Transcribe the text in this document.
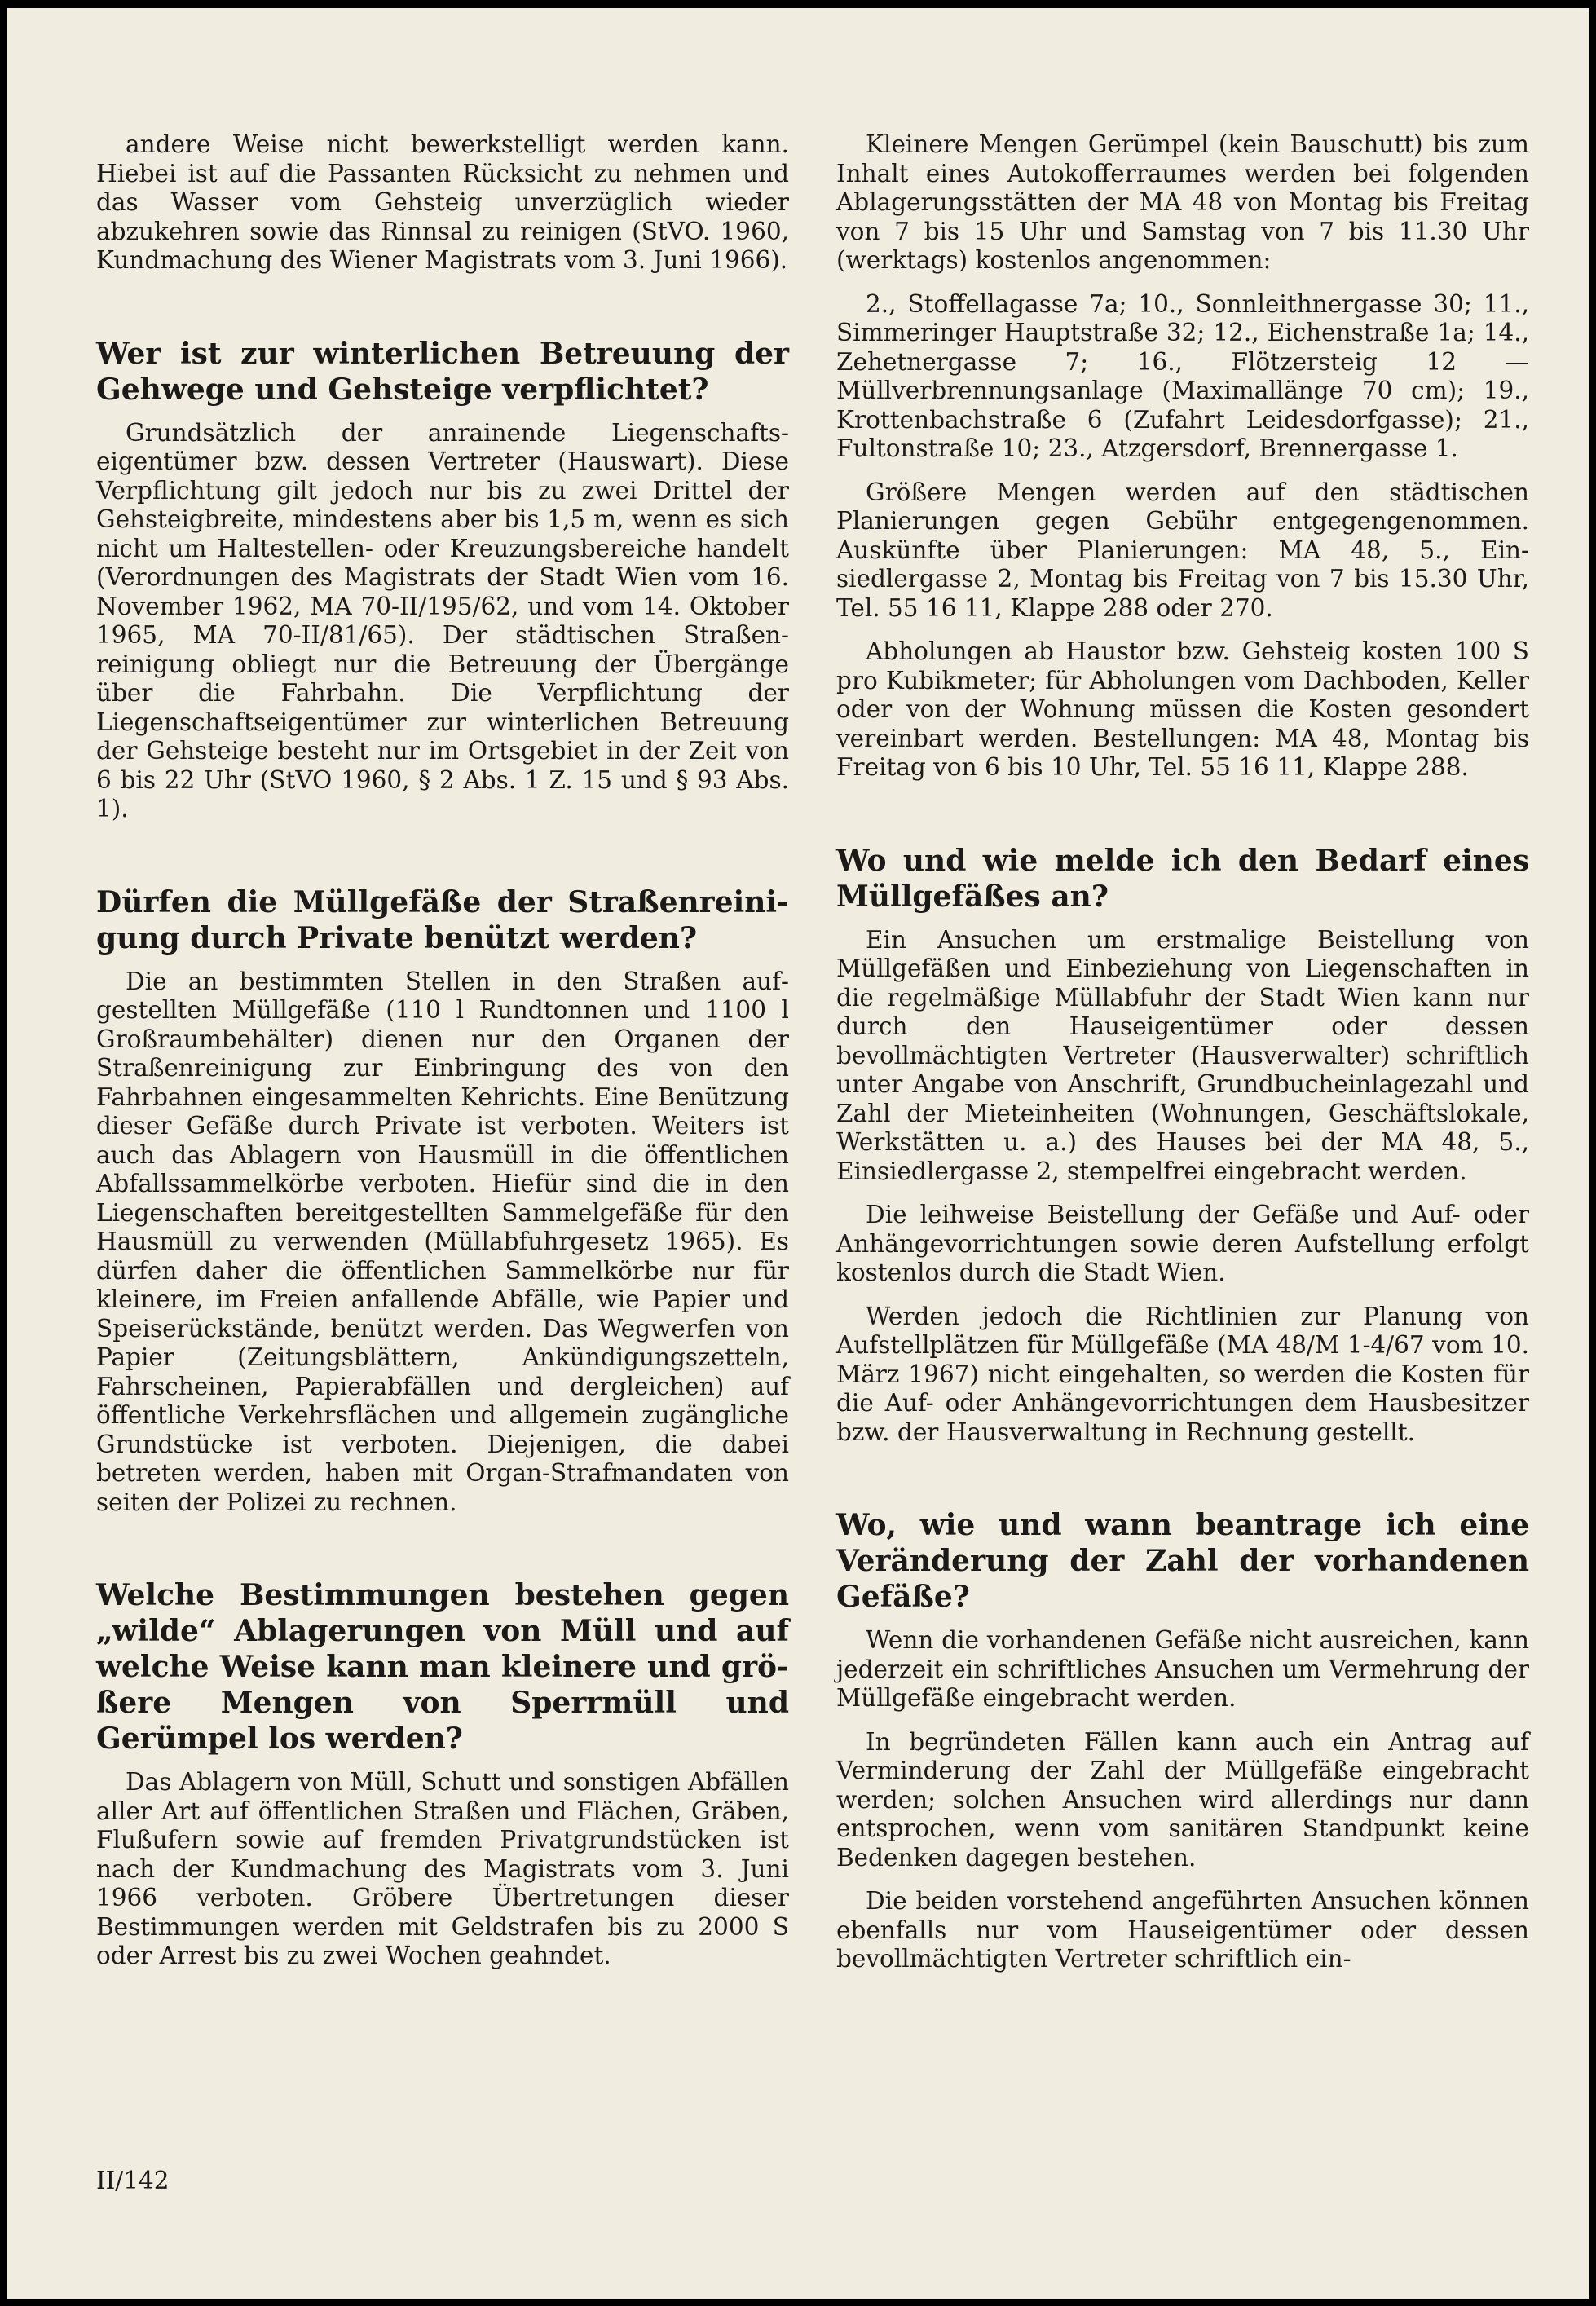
andere Weise nicht bewerkstelligt werden kann. Hiebei ist auf die Passanten Rücksicht zu nehmen und das Wasser vom Gehsteig unverzüglich wieder abzukehren sowie das Rinnsal zu reinigen (StVO. 1960, Kundmachung des Wiener Magistrats vom 3. Juni 1966).

Wer ist zur winterlichen Betreuung der Gehwege und Gehsteige verpflichtet?

Grundsätzlich der anrainende Liegenschaftseigentümer bzw. dessen Vertreter (Hauswart). Diese Verpflichtung gilt jedoch nur bis zu zwei Drittel der Gehsteigbreite, mindestens aber bis 1,5 m, wenn es sich nicht um Haltestellen- oder Kreuzungsbereiche handelt (Verordnungen des Magistrats der Stadt Wien vom 16. November 1962, MA 70-II/195/62, und vom 14. Oktober 1965, MA 70-II/81/65). Der städtischen Straßenreinigung obliegt nur die Betreuung der Übergänge über die Fahrbahn. Die Verpflichtung der Liegenschaftseigentümer zur winterlichen Betreuung der Gehsteige besteht nur im Ortsgebiet in der Zeit von 6 bis 22 Uhr (StVO 1960, § 2 Abs. 1 Z. 15 und § 93 Abs. 1).

Dürfen die Müllgefäße der Straßenreinigung durch Private benützt werden?

Die an bestimmten Stellen in den Straßen aufgestellten Müllgefäße (110 l Rundtonnen und 1100 l Großraumbehälter) dienen nur den Organen der Straßenreinigung zur Einbringung des von den Fahrbahnen eingesammelten Kehrichts. Eine Benützung dieser Gefäße durch Private ist verboten. Weiters ist auch das Ablagern von Hausmüll in die öffentlichen Abfallssammelkörbe verboten. Hiefür sind die in den Liegenschaften bereitgestellten Sammelgefäße für den Hausmüll zu verwenden (Müllabfuhrgesetz 1965). Es dürfen daher die öffentlichen Sammelkörbe nur für kleinere, im Freien anfallende Abfälle, wie Papier und Speiserückstände, benützt werden. Das Wegwerfen von Papier (Zeitungsblättern, Ankündigungszetteln, Fahrscheinen, Papierabfällen und dergleichen) auf öffentliche Verkehrsflächen und allgemein zugängliche Grundstücke ist verboten. Diejenigen, die dabei betreten werden, haben mit Organ-Strafmandaten von seiten der Polizei zu rechnen.

Welche Bestimmungen bestehen gegen „wilde“ Ablagerungen von Müll und auf welche Weise kann man kleinere und größere Mengen von Sperrmüll und Gerümpel los werden?

Das Ablagern von Müll, Schutt und sonstigen Abfällen aller Art auf öffentlichen Straßen und Flächen, Gräben, Flußufern sowie auf fremden Privatgrundstücken ist nach der Kundmachung des Magistrats vom 3. Juni 1966 verboten. Gröbere Übertretungen dieser Bestimmungen werden mit Geldstrafen bis zu 2000 S oder Arrest bis zu zwei Wochen geahndet.

Kleinere Mengen Gerümpel (kein Bauschutt) bis zum Inhalt eines Autokofferraumes werden bei folgenden Ablagerungsstätten der MA 48 von Montag bis Freitag von 7 bis 15 Uhr und Samstag von 7 bis 11.30 Uhr (werktags) kostenlos angenommen:

2., Stoffellagasse 7a; 10., Sonnleithnergasse 30; 11., Simmeringer Hauptstraße 32; 12., Eichenstraße 1a; 14., Zehetnergasse 7; 16., Flötzersteig 12 — Müllverbrennungsanlage (Maximallänge 70 cm); 19., Krottenbachstraße 6 (Zufahrt Leidesdorfgasse); 21., Fultonstraße 10; 23., Atzgersdorf, Brennergasse 1.

Größere Mengen werden auf den städtischen Planierungen gegen Gebühr entgegengenommen. Auskünfte über Planierungen: MA 48, 5., Einsiedlergasse 2, Montag bis Freitag von 7 bis 15.30 Uhr, Tel. 55 16 11, Klappe 288 oder 270.

Abholungen ab Haustor bzw. Gehsteig kosten 100 S pro Kubikmeter; für Abholungen vom Dachboden, Keller oder von der Wohnung müssen die Kosten gesondert vereinbart werden. Bestellungen: MA 48, Montag bis Freitag von 6 bis 10 Uhr, Tel. 55 16 11, Klappe 288.

Wo und wie melde ich den Bedarf eines Müllgefäßes an?

Ein Ansuchen um erstmalige Beistellung von Müllgefäßen und Einbeziehung von Liegenschaften in die regelmäßige Müllabfuhr der Stadt Wien kann nur durch den Hauseigentümer oder dessen bevollmächtigten Vertreter (Hausverwalter) schriftlich unter Angabe von Anschrift, Grundbucheinlagezahl und Zahl der Mieteinheiten (Wohnungen, Geschäftslokale, Werkstätten u. a.) des Hauses bei der MA 48, 5., Einsiedlergasse 2, stempelfrei eingebracht werden.

Die leihweise Beistellung der Gefäße und Auf- oder Anhängevorrichtungen sowie deren Aufstellung erfolgt kostenlos durch die Stadt Wien.

Werden jedoch die Richtlinien zur Planung von Aufstellplätzen für Müllgefäße (MA 48/M 1-4/67 vom 10. März 1967) nicht eingehalten, so werden die Kosten für die Auf- oder Anhängevorrichtungen dem Hausbesitzer bzw. der Hausverwaltung in Rechnung gestellt.

Wo, wie und wann beantrage ich eine Veränderung der Zahl der vorhandenen Gefäße?

Wenn die vorhandenen Gefäße nicht ausreichen, kann jederzeit ein schriftliches Ansuchen um Vermehrung der Müllgefäße eingebracht werden.

In begründeten Fällen kann auch ein Antrag auf Verminderung der Zahl der Müllgefäße eingebracht werden; solchen Ansuchen wird allerdings nur dann entsprochen, wenn vom sanitären Standpunkt keine Bedenken dagegen bestehen.

Die beiden vorstehend angeführten Ansuchen können ebenfalls nur vom Hauseigentümer oder dessen bevollmächtigten Vertreter schriftlich ein-

II/142
